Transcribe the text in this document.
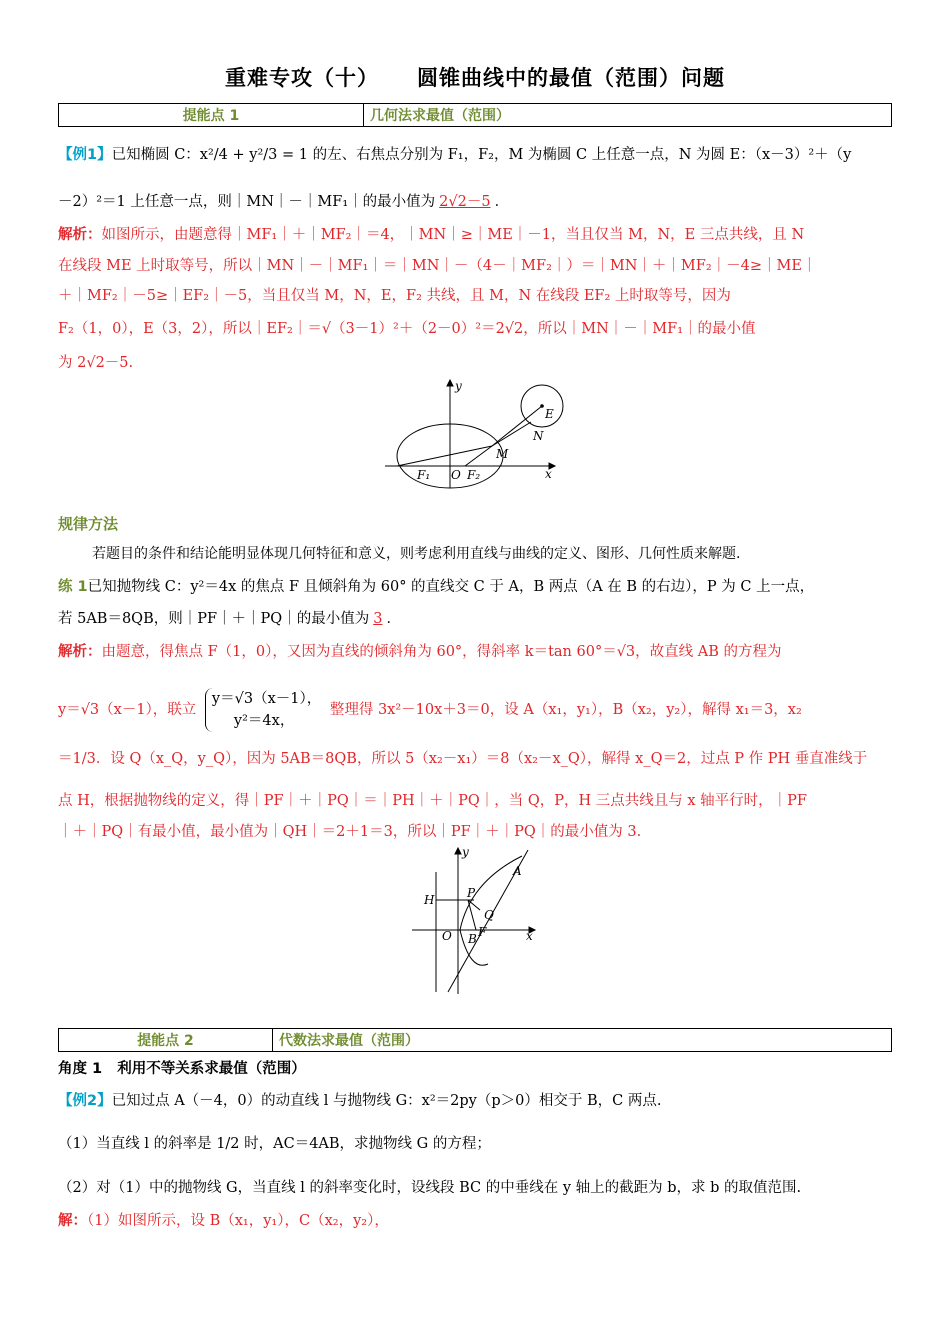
重难专攻（十） 圆锥曲线中的最值（范围）问题
提能点 1	几何法求最值（范围）
【例1】已知椭圆 C：x²/4 + y²/3 = 1 的左、右焦点分别为 F₁，F₂，M 为椭圆 C 上任意一点，N 为圆 E：（x－3）²＋（y
－2）²＝1 上任意一点，则｜MN｜－｜MF₁｜的最小值为 2√2－5 ．
解析：如图所示，由题意得｜MF₁｜＋｜MF₂｜＝4，｜MN｜≥｜ME｜－1，当且仅当 M，N，E 三点共线，且 N
在线段 ME 上时取等号，所以｜MN｜－｜MF₁｜＝｜MN｜－（4－｜MF₂｜）＝｜MN｜＋｜MF₂｜－4≥｜ME｜
＋｜MF₂｜－5≥｜EF₂｜－5，当且仅当 M，N，E，F₂ 共线，且 M，N 在线段 EF₂ 上时取等号，因为
F₂（1，0），E（3，2），所以｜EF₂｜＝√（3－1）²＋（2－0）²＝2√2，所以｜MN｜－｜MF₁｜的最小值
为 2√2－5.
y
E
N
M
F₁ O F₂	x
规律方法
若题目的条件和结论能明显体现几何特征和意义，则考虑利用直线与曲线的定义、图形、几何性质来解题.
练 1已知抛物线 C：y²＝4x 的焦点 F 且倾斜角为 60° 的直线交 C 于 A，B 两点（A 在 B 的右边），P 为 C 上一点，
若 5AB＝8QB，则｜PF｜＋｜PQ｜的最小值为 3 ．
解析：由题意，得焦点 F（1，0），又因为直线的倾斜角为 60°，得斜率 k＝tan 60°＝√3，故直线 AB 的方程为
y＝√3（x－1），联立
y＝√3（x－1），
y²＝4x，
整理得 3x²－10x＋3＝0，设 A（x₁，y₁），B（x₂，y₂），解得 x₁＝3，x₂
＝1/3．设 Q（x_Q，y_Q），因为 5AB＝8QB，所以 5（x₂－x₁）＝8（x₂－x_Q），解得 x_Q＝2，过点 P 作 PH 垂直准线于
点 H，根据抛物线的定义，得｜PF｜＋｜PQ｜＝｜PH｜＋｜PQ｜，当 Q，P，H 三点共线且与 x 轴平行时，｜PF
｜＋｜PQ｜有最小值，最小值为｜QH｜＝2＋1＝3，所以｜PF｜＋｜PQ｜的最小值为 3.
y
A
H	P
Q
O F
B	x
提能点 2	代数法求最值（范围）
角度 1 利用不等关系求最值（范围）
【例2】已知过点 A（－4，0）的动直线 l 与抛物线 G：x²＝2py（p＞0）相交于 B，C 两点.
（1）当直线 l 的斜率是 1/2 时，AC＝4AB，求抛物线 G 的方程；
（2）对（1）中的抛物线 G，当直线 l 的斜率变化时，设线段 BC 的中垂线在 y 轴上的截距为 b，求 b 的取值范围.
解：（1）如图所示，设 B（x₁，y₁），C（x₂，y₂），
